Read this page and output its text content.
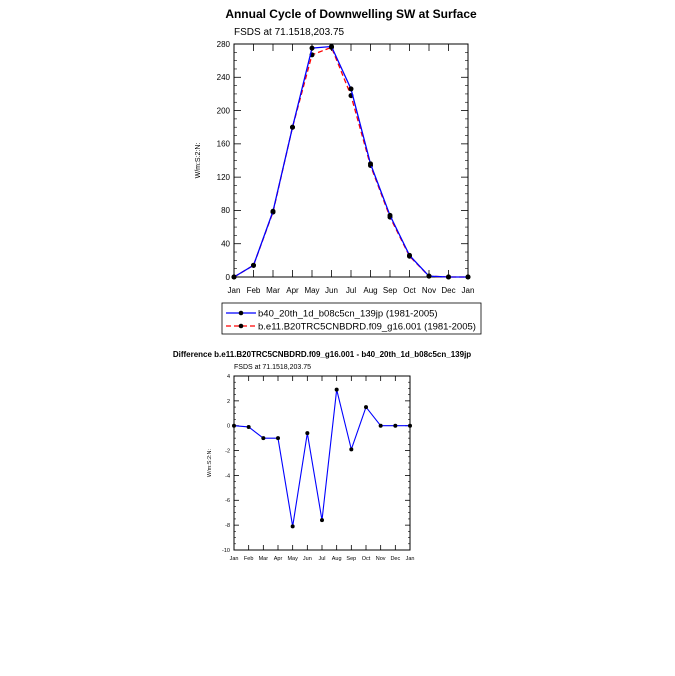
Annual Cycle of Downwelling SW at Surface
FSDS at 71.1518,203.75
0
40
80
120
160
200
240
280
Jan Feb Mar Apr May Jun Jul Aug Sep Oct Nov Dec Jan
W/m:S:2:N:
b40_20th_1d_b08c5cn_139jp (1981-2005)
b.e11.B20TRC5CNBDRD.f09_g16.001 (1981-2005)
Difference b.e11.B20TRC5CNBDRD.f09_g16.001 - b40_20th_1d_b08c5cn_139jp
FSDS at 71.1518,203.75
-10
-8
-6
-4
-2
0
2
4
Jan Feb Mar Apr May Jun Jul Aug Sep Oct Nov Dec Jan
W/m:S:2:N:
